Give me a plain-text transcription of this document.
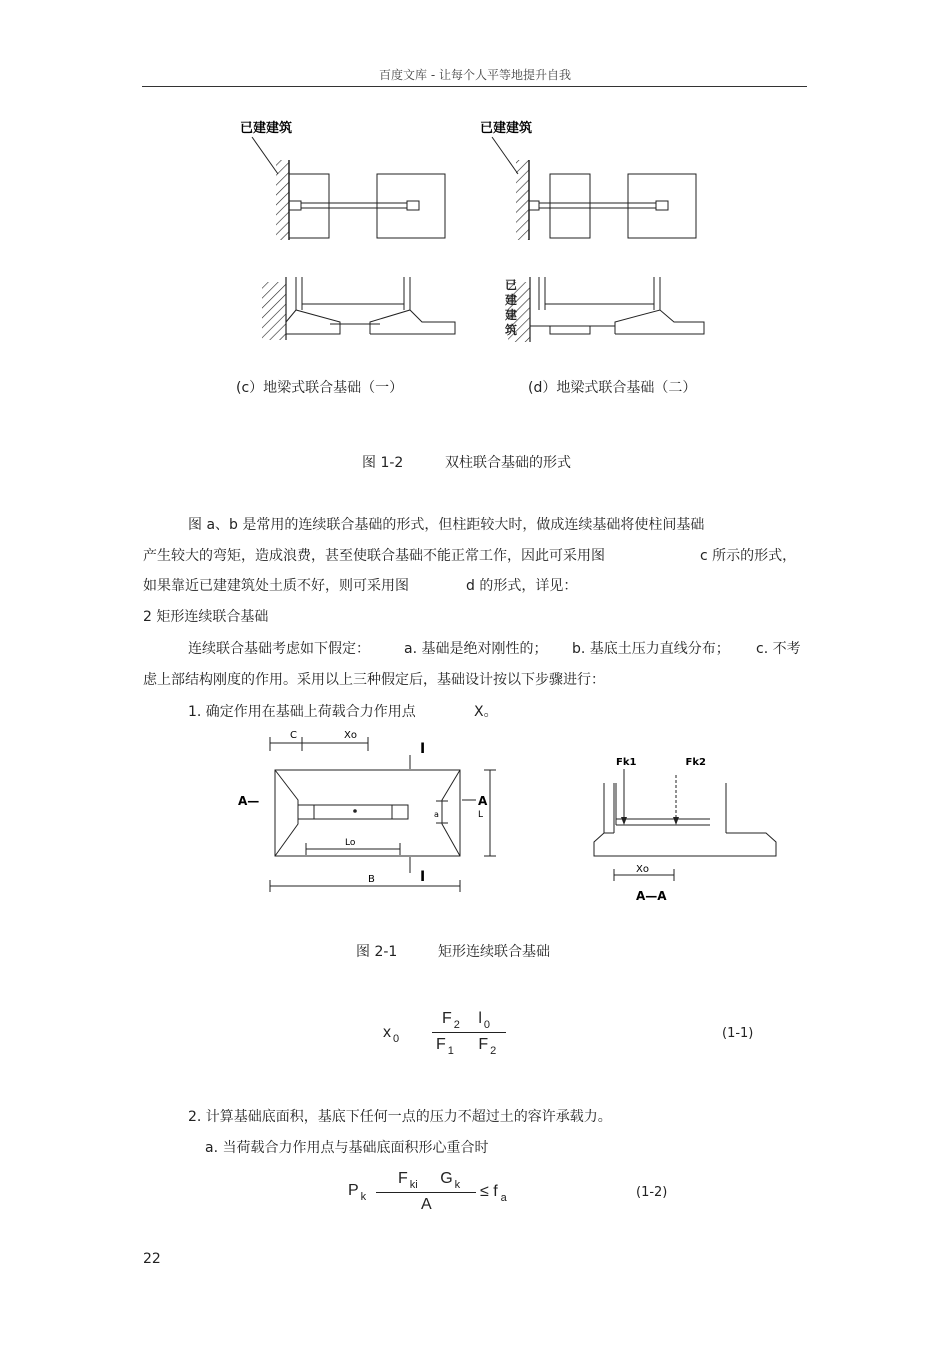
百度文库 - 让每个人平等地提升自我
已建建筑	已建建筑
已
建
建
筑
(c）地梁式联合基础（一）	(d）地梁式联合基础（二）
图 1-2	双柱联合基础的形式
图 a、b 是常用的连续联合基础的形式，但柱距较大时，做成连续基础将使柱间基础
产生较大的弯矩，造成浪费，甚至使联合基础不能正常工作，因此可采用图	c 所示的形式，
如果靠近已建建筑处土质不好，则可采用图	d 的形式，详见：
2 矩形连续联合基础
连续联合基础考虑如下假定： a. 基础是绝对刚性的； b. 基底土压力直线分布； c. 不考
虑上部结构刚度的作用。采用以上三种假定后，基础设计按以下步骤进行：
1. 确定作用在基础上荷载合力作用点	X。
C	Xo
I
a
A—	A
L
Lo
I
B
Fk1	Fk2
Xo
A—A
图 2-1	矩形连续联合基础
x $_0$
F $_2$ l $_0$
F $_1$ F $_2$
(1-1)
2. 计算基础底面积，基底下任何一点的压力不超过土的容许承载力。
a. 当荷载合力作用点与基础底面积形心重合时
P $_k$
F $_{ki}$ G $_k$
A
≤ f $_a$	(1-2)
22
